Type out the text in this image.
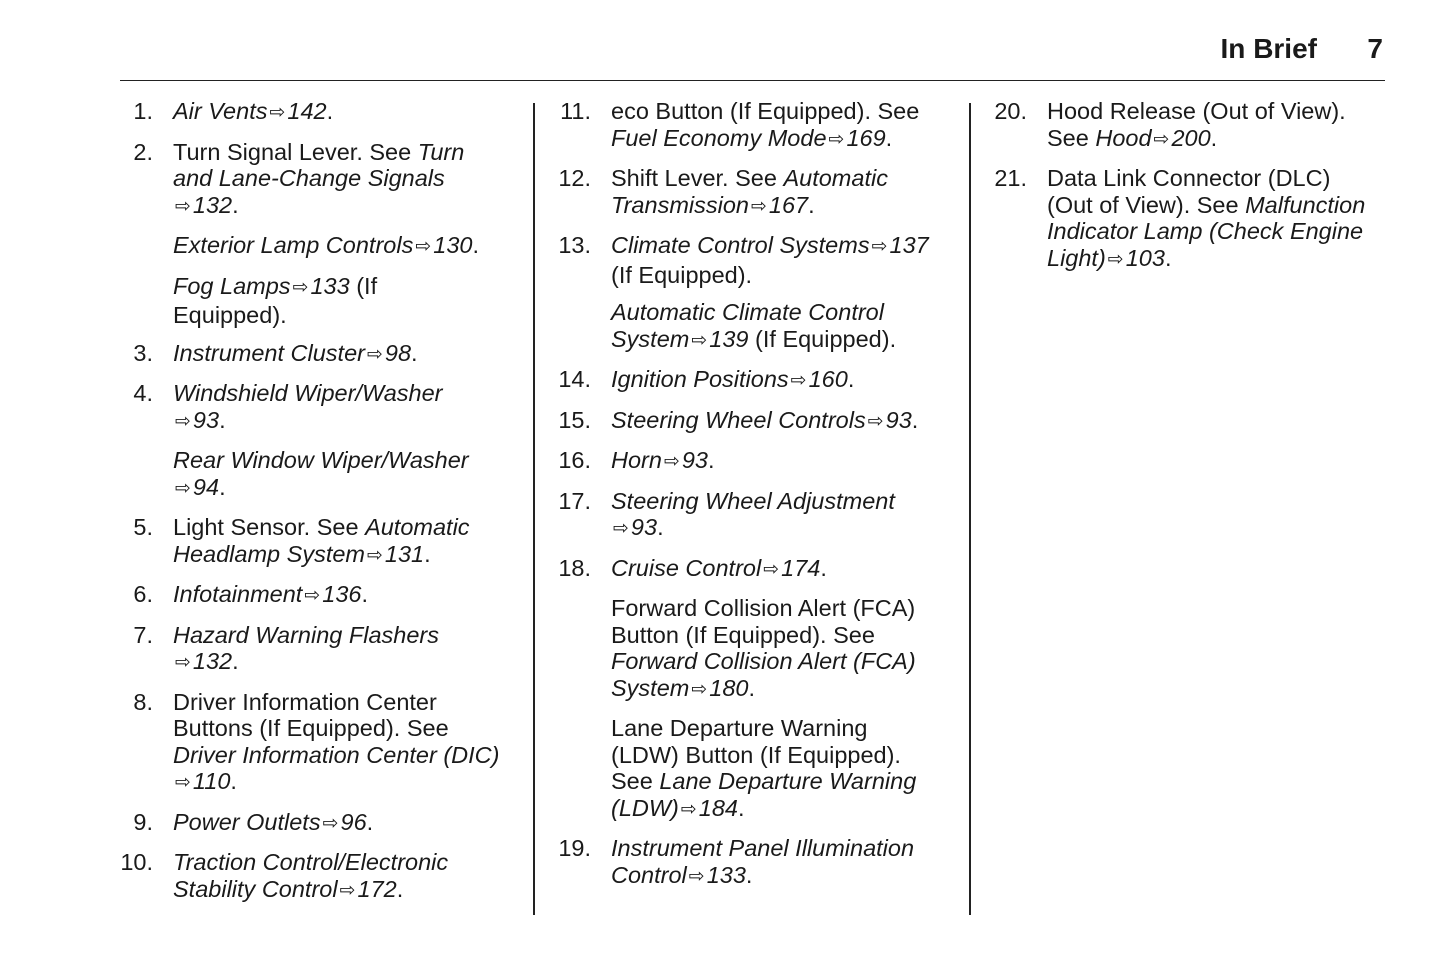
In Brief 7
1. Air Vents ⇨142.
2. Turn Signal Lever. See Turn
and Lane-Change Signals
⇨132.
Exterior Lamp Controls ⇨130.
Fog Lamps ⇨133 (If
Equipped).
3. Instrument Cluster ⇨98.
4. Windshield Wiper/Washer
⇨93.
Rear Window Wiper/Washer
⇨94.
5. Light Sensor. See Automatic
Headlamp System ⇨131.
6. Infotainment ⇨136.
7. Hazard Warning Flashers
⇨132.
8. Driver Information Center
Buttons (If Equipped). See
Driver Information Center (DIC)
⇨110.
9. Power Outlets ⇨96.
10. Traction Control/Electronic
Stability Control ⇨172.
11. eco Button (If Equipped). See
Fuel Economy Mode ⇨169.
12. Shift Lever. See Automatic
Transmission ⇨167.
13. Climate Control Systems ⇨137
(If Equipped).
Automatic Climate Control
System ⇨139 (If Equipped).
14. Ignition Positions ⇨160.
15. Steering Wheel Controls ⇨93.
16. Horn ⇨93.
17. Steering Wheel Adjustment
⇨93.
18. Cruise Control ⇨174.
Forward Collision Alert (FCA)
Button (If Equipped). See
Forward Collision Alert (FCA)
System ⇨180.
Lane Departure Warning
(LDW) Button (If Equipped).
See Lane Departure Warning
(LDW) ⇨184.
19. Instrument Panel Illumination
Control ⇨133.
20. Hood Release (Out of View).
See Hood ⇨200.
21. Data Link Connector (DLC)
(Out of View). See Malfunction
Indicator Lamp (Check Engine
Light) ⇨103.
